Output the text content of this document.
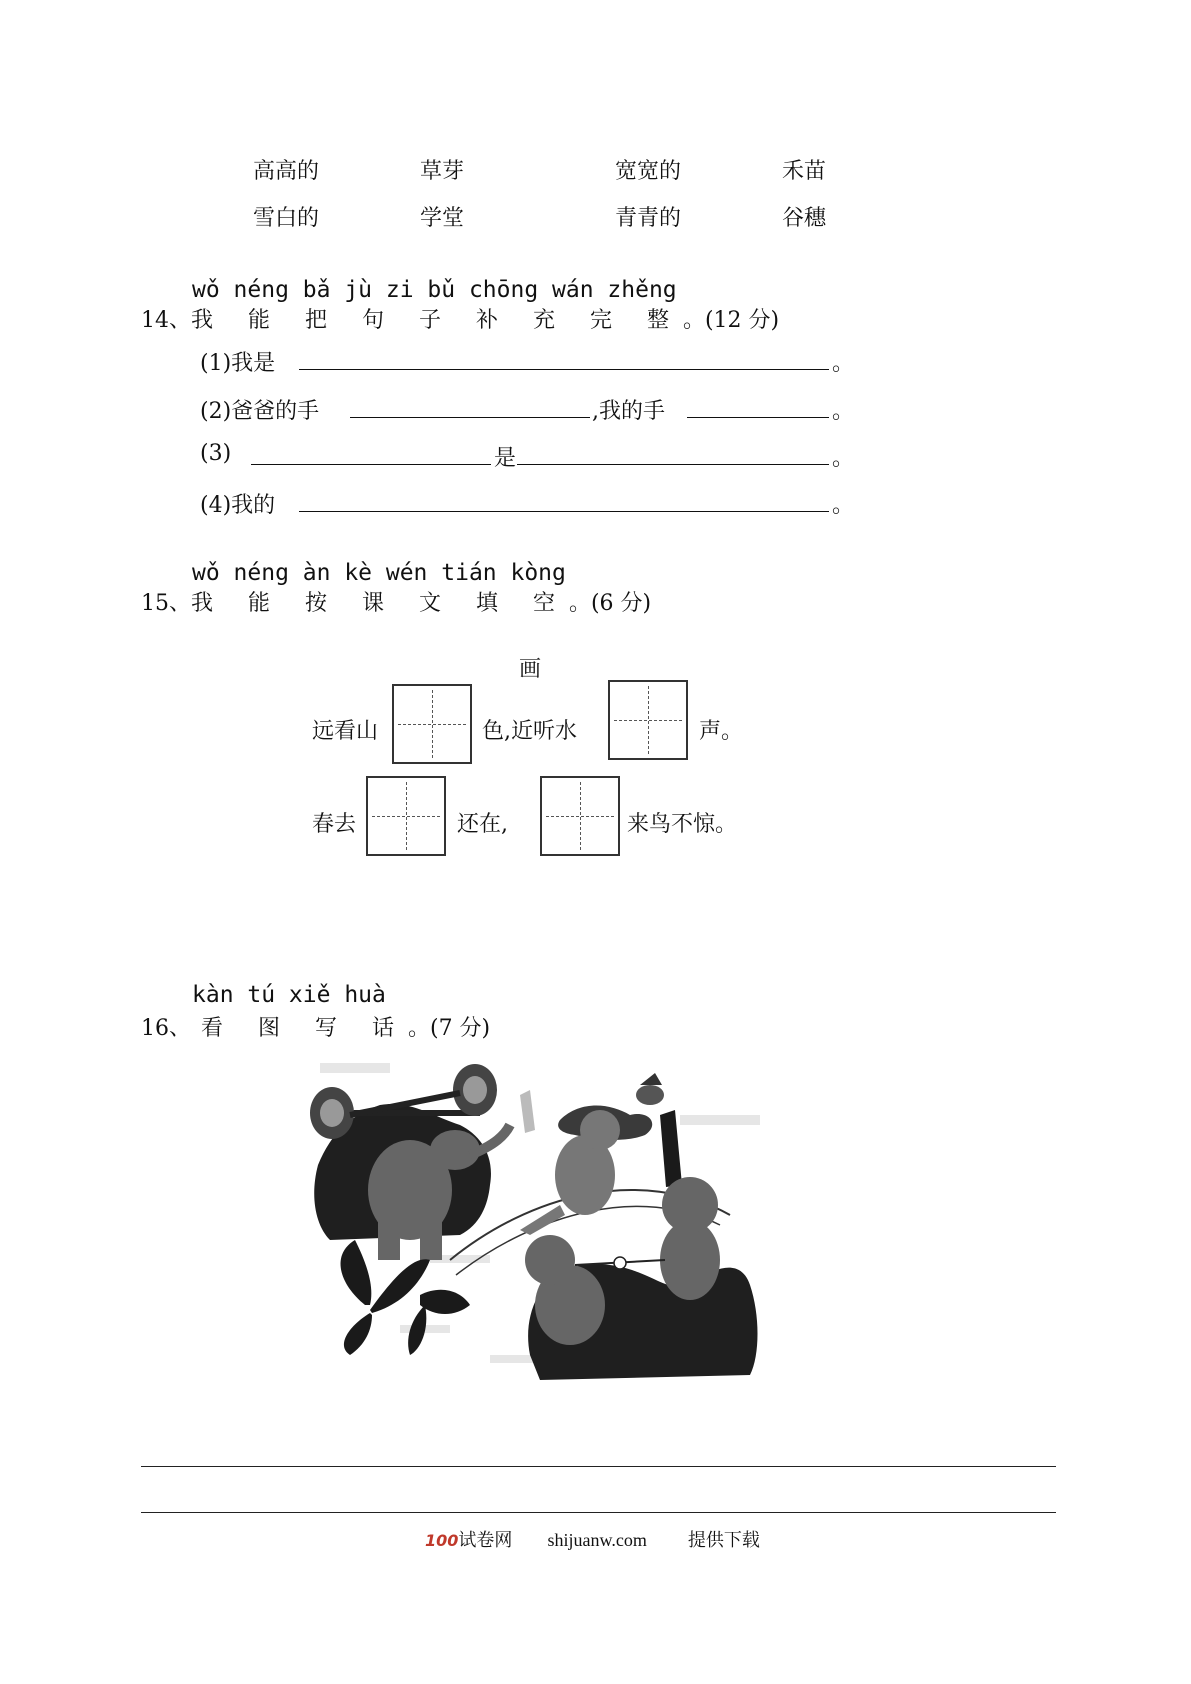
高高的	草芽	宽宽的	禾苗
雪白的	学堂	青青的	谷穗
wǒ néng bǎ jù zi bǔ chōng wán zhěng
14、我 能 把 句 子 补 充 完 整。(12 分)
(1)我是	。
(2)爸爸的手	,我的手	。
(3)	是	。
(4)我的	。
wǒ néng àn kè wén tián kòng
15、我 能 按 课 文 填 空。(6 分)
画
远看山	色,近听水	声。
春去	还在,	来鸟不惊。
kàn tú xiě huà
16、 看 图 写 话。(7 分)
100试卷网 shijuanw.com 提供下载
